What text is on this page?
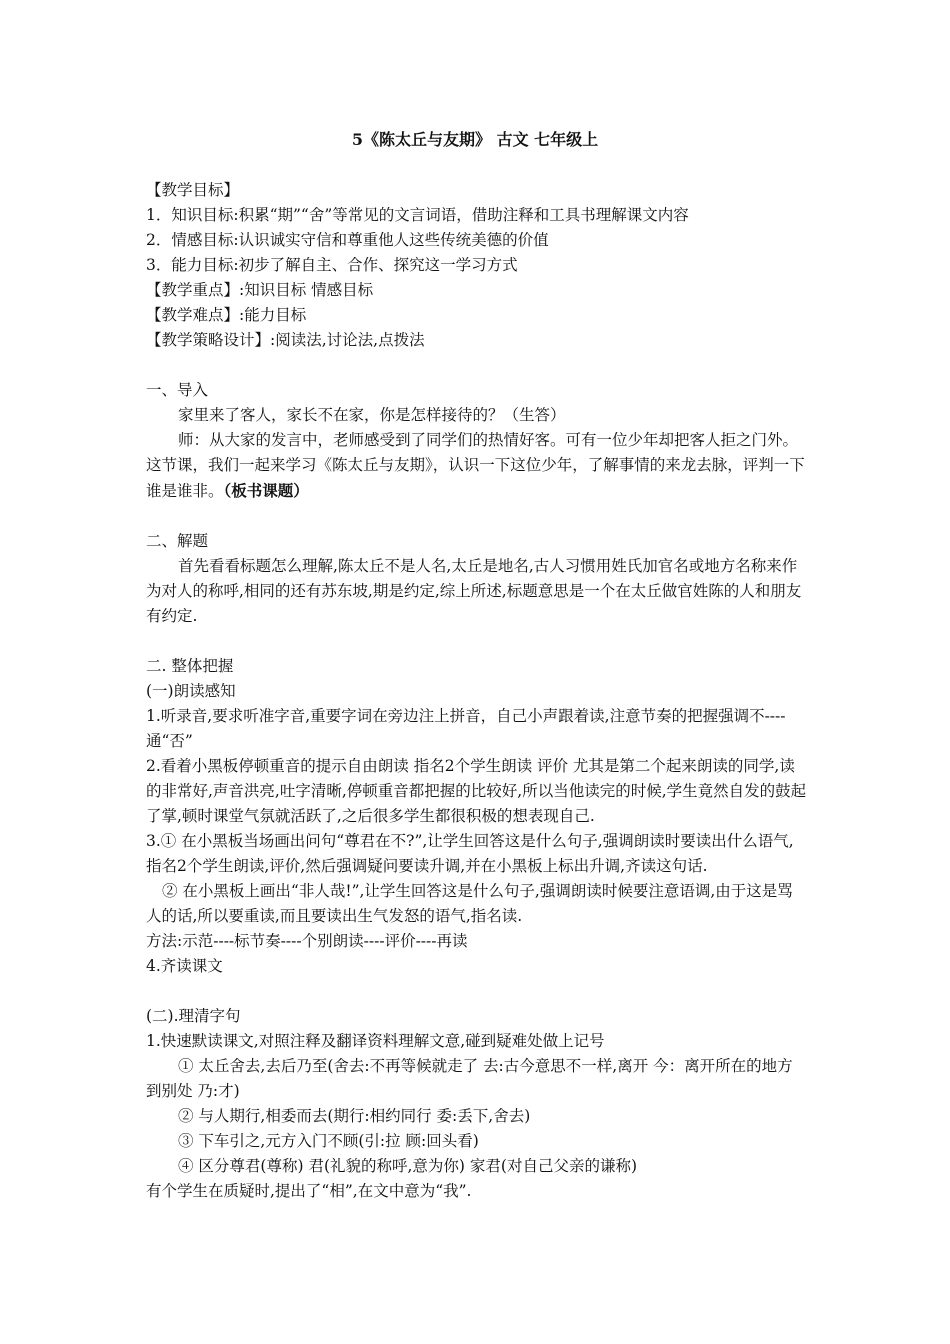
5《陈太丘与友期》 古文 七年级上

【教学目标】

1．知识目标:积累“期”“舍”等常见的文言词语，借助注释和工具书理解课文内容

2．情感目标:认识诚实守信和尊重他人这些传统美德的价值

3．能力目标:初步了解自主、合作、探究这一学习方式

【教学重点】:知识目标 情感目标

【教学难点】:能力目标

【教学策略设计】:阅读法,讨论法,点拨法

一、导入

家里来了客人，家长不在家，你是怎样接待的？（生答）

师：从大家的发言中，老师感受到了同学们的热情好客。可有一位少年却把客人拒之门外。这节课，我们一起来学习《陈太丘与友期》，认识一下这位少年，了解事情的来龙去脉，评判一下谁是谁非。（板书课题）

二、解题

首先看看标题怎么理解,陈太丘不是人名,太丘是地名,古人习惯用姓氏加官名或地方名称来作为对人的称呼,相同的还有苏东坡,期是约定,综上所述,标题意思是一个在太丘做官姓陈的人和朋友有约定.

二. 整体把握

(一)朗读感知

1.听录音,要求听准字音,重要字词在旁边注上拼音，自己小声跟着读,注意节奏的把握强调不----通“否”

2.看着小黑板停顿重音的提示自由朗读 指名2个学生朗读 评价 尤其是第二个起来朗读的同学,读的非常好,声音洪亮,吐字清晰,停顿重音都把握的比较好,所以当他读完的时候,学生竟然自发的鼓起了掌,顿时课堂气氛就活跃了,之后很多学生都很积极的想表现自己.

3.① 在小黑板当场画出问句“尊君在不?”,让学生回答这是什么句子,强调朗读时要读出什么语气,指名2个学生朗读,评价,然后强调疑问要读升调,并在小黑板上标出升调,齐读这句话.

② 在小黑板上画出“非人哉!”,让学生回答这是什么句子,强调朗读时候要注意语调,由于这是骂人的话,所以要重读,而且要读出生气发怒的语气,指名读.

方法:示范----标节奏----个别朗读----评价----再读

4.齐读课文

(二).理清字句

1.快速默读课文,对照注释及翻译资料理解文意,碰到疑难处做上记号

① 太丘舍去,去后乃至(舍去:不再等候就走了 去:古今意思不一样,离开 今：离开所在的地方到别处 乃:才)

② 与人期行,相委而去(期行:相约同行 委:丢下,舍去)

③ 下车引之,元方入门不顾(引:拉 顾:回头看)

④ 区分尊君(尊称) 君(礼貌的称呼,意为你) 家君(对自己父亲的谦称)

有个学生在质疑时,提出了“相”,在文中意为“我”.
